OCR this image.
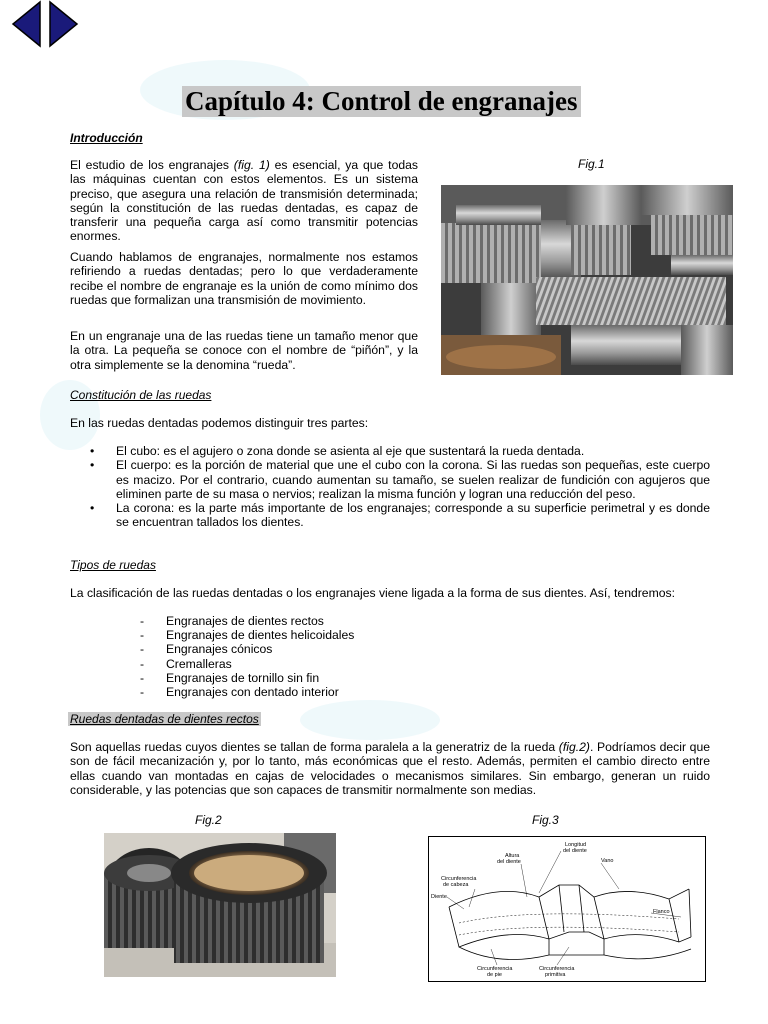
Capítulo 4: Control de engranajes
Introducción
El estudio de los engranajes (fig. 1) es esencial, ya que todas las máquinas cuentan con estos elementos. Es un sistema preciso, que asegura una relación de transmisión determinada; según la constitución de las ruedas dentadas, es capaz de transferir una pequeña carga así como transmitir potencias enormes.
Cuando hablamos de engranajes, normalmente nos estamos refiriendo a ruedas dentadas; pero lo que verdaderamente recibe el nombre de engranaje es la unión de como mínimo dos ruedas que formalizan una transmisión de movimiento.
En un engranaje una de las ruedas tiene un tamaño menor que la otra. La pequeña se conoce con el nombre de “piñón”, y la otra simplemente se la denomina “rueda”.
Fig.1
Constitución de las ruedas
En las ruedas dentadas podemos distinguir tres partes:
• El cubo: es el agujero o zona donde se asienta al eje que sustentará la rueda dentada.
• El cuerpo: es la porción de material que une el cubo con la corona. Si las ruedas son pequeñas, este cuerpo es macizo. Por el contrario, cuando aumentan su tamaño, se suelen realizar de fundición con agujeros que eliminen parte de su masa o nervios; realizan la misma función y logran una reducción del peso.
• La corona: es la parte más importante de los engranajes; corresponde a su superficie perimetral y es donde se encuentran tallados los dientes.
Tipos de ruedas
La clasificación de las ruedas dentadas o los engranajes viene ligada a la forma de sus dientes. Así, tendremos:
- Engranajes de dientes rectos
- Engranajes de dientes helicoidales
- Engranajes cónicos
- Cremalleras
- Engranajes de tornillo sin fin
- Engranajes con dentado interior
Ruedas dentadas de dientes rectos
Son aquellas ruedas cuyos dientes se tallan de forma paralela a la generatriz de la rueda (fig.2). Podríamos decir que son de fácil mecanización y, por lo tanto, más económicas que el resto. Además, permiten el cambio directo entre ellas cuando van montadas en cajas de velocidades o mecanismos similares. Sin embargo, generan un ruido considerable, y las potencias que son capaces de transmitir normalmente son medias.
Fig.2	Fig.3
Longitud
del diente
Altura
del diente	Vano
Circunferencia
de cabeza
Diente
Flanco
Circunferencia
de pie
Circunferencia
primitiva
